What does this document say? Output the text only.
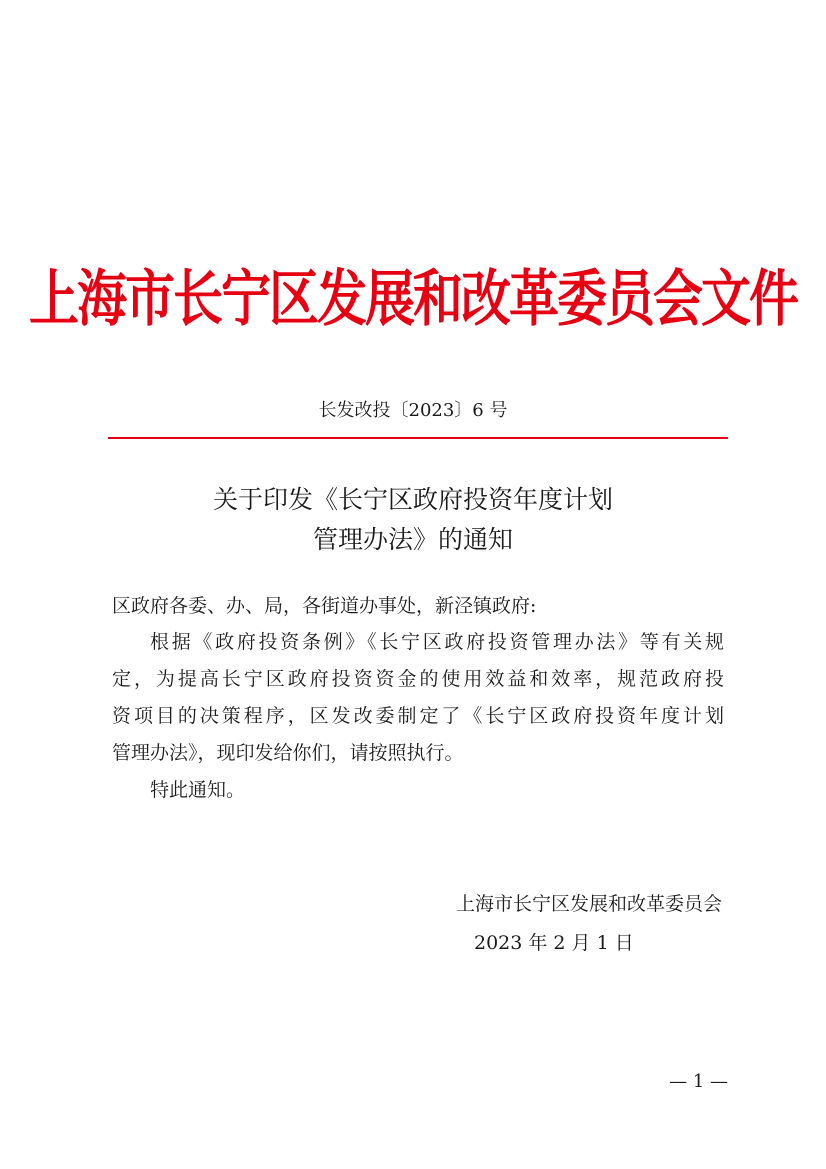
上海市长宁区发展和改革委员会文件
长发改投〔2023〕6 号
关于印发《长宁区政府投资年度计划
管理办法》的通知
区政府各委、办、局，各街道办事处，新泾镇政府:
根据《政府投资条例》《长宁区政府投资管理办法》等有关规
定，为提高长宁区政府投资资金的使用效益和效率，规范政府投
资项目的决策程序，区发改委制定了《长宁区政府投资年度计划
管理办法》，现印发给你们，请按照执行。
特此通知。
上海市长宁区发展和改革委员会
2023 年 2 月 1 日
— 1 —
